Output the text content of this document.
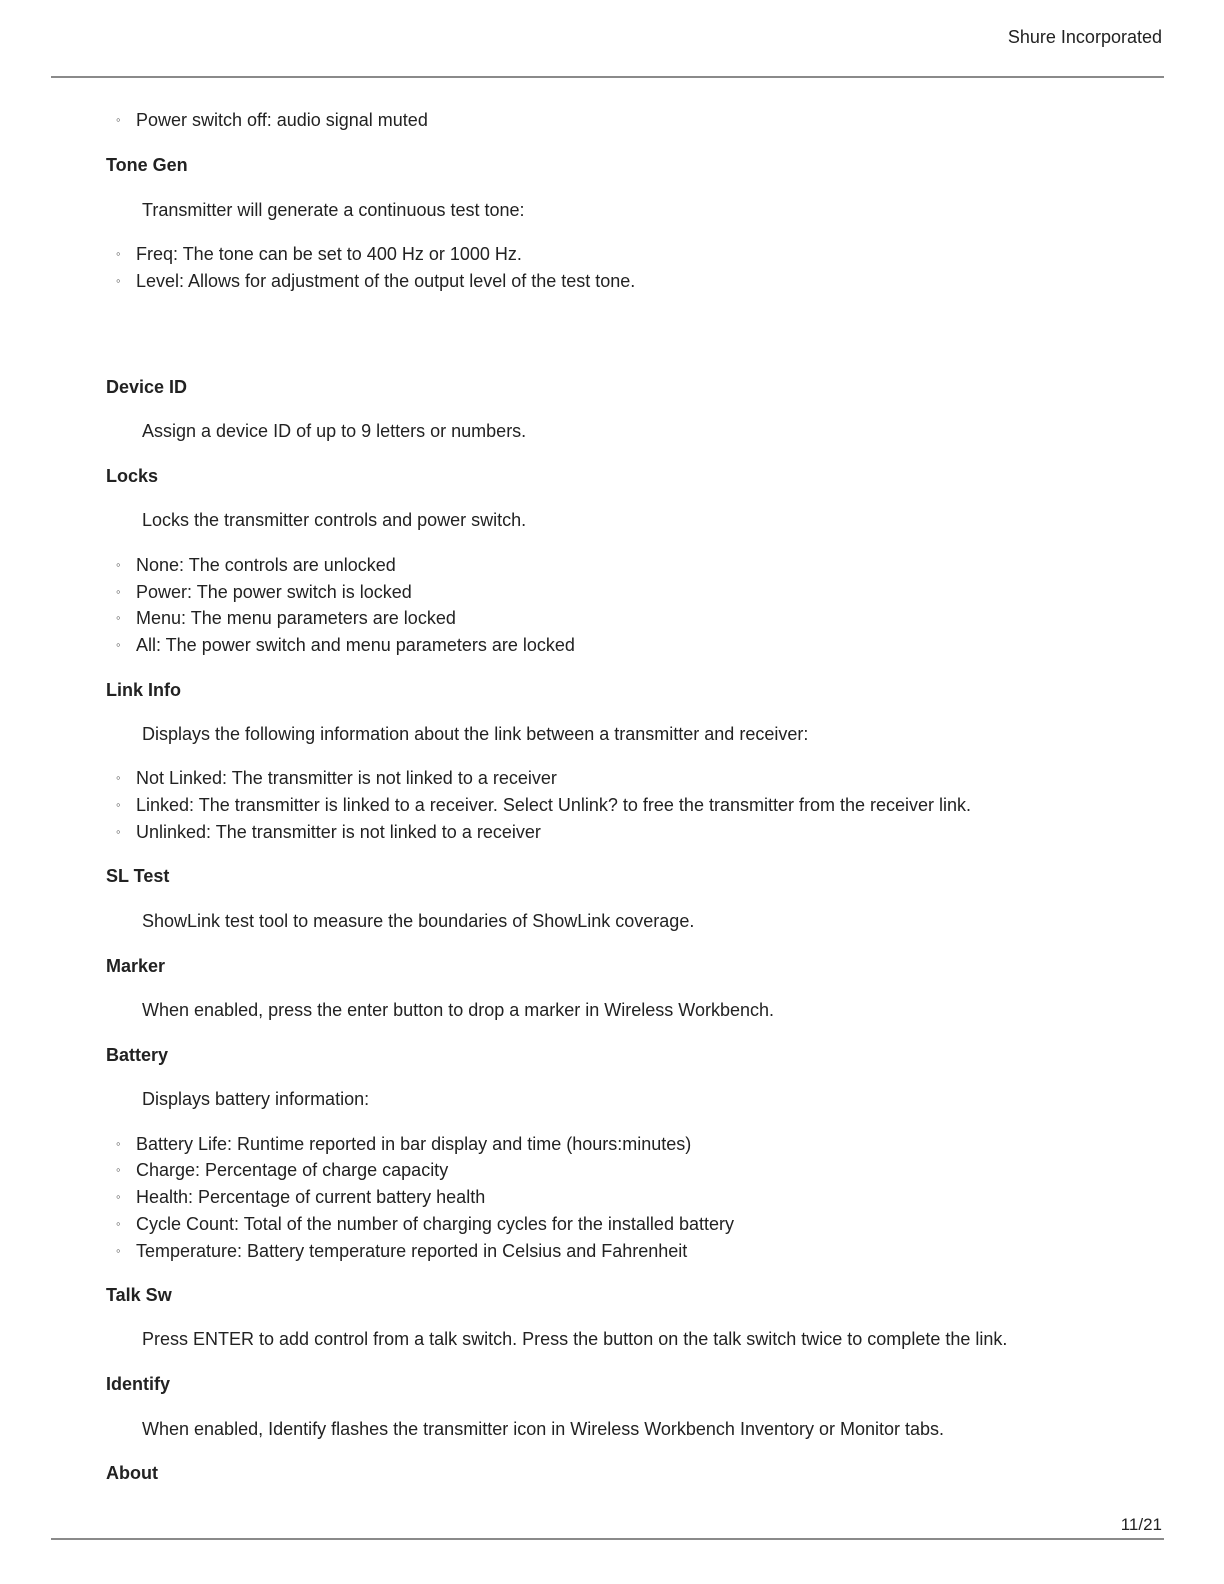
Shure Incorporated
◦ Power switch off: audio signal muted
Tone Gen
Transmitter will generate a continuous test tone:
◦ Freq: The tone can be set to 400 Hz or 1000 Hz.
◦ Level: Allows for adjustment of the output level of the test tone.
Device ID
Assign a device ID of up to 9 letters or numbers.
Locks
Locks the transmitter controls and power switch.
◦ None: The controls are unlocked
◦ Power: The power switch is locked
◦ Menu: The menu parameters are locked
◦ All: The power switch and menu parameters are locked
Link Info
Displays the following information about the link between a transmitter and receiver:
◦ Not Linked: The transmitter is not linked to a receiver
◦ Linked: The transmitter is linked to a receiver. Select Unlink? to free the transmitter from the receiver link.
◦ Unlinked: The transmitter is not linked to a receiver
SL Test
ShowLink test tool to measure the boundaries of ShowLink coverage.
Marker
When enabled, press the enter button to drop a marker in Wireless Workbench.
Battery
Displays battery information:
◦ Battery Life: Runtime reported in bar display and time (hours:minutes)
◦ Charge: Percentage of charge capacity
◦ Health: Percentage of current battery health
◦ Cycle Count: Total of the number of charging cycles for the installed battery
◦ Temperature: Battery temperature reported in Celsius and Fahrenheit
Talk Sw
Press ENTER to add control from a talk switch. Press the button on the talk switch twice to complete the link.
Identify
When enabled, Identify flashes the transmitter icon in Wireless Workbench Inventory or Monitor tabs.
About
11/21
